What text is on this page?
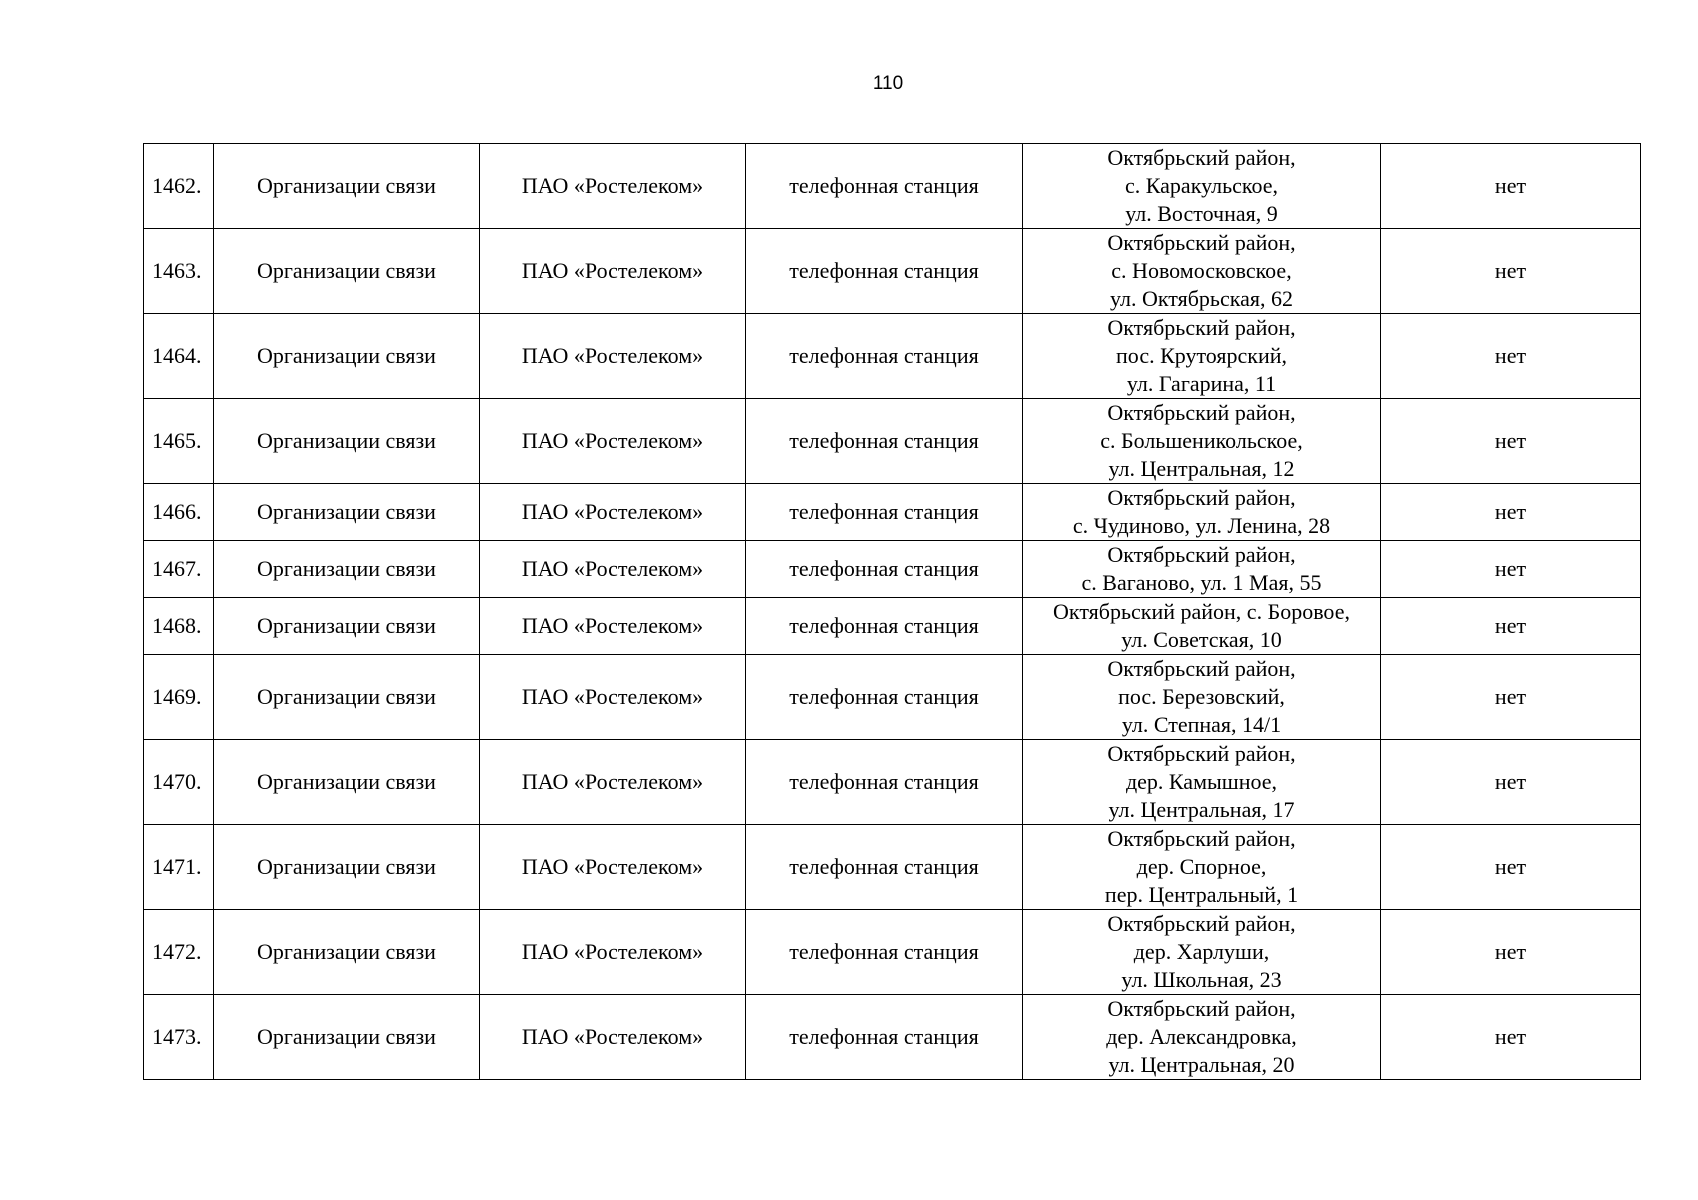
110
1462.	Организации связи	ПАО «Ростелеком»	телефонная станция	Октябрьский район,
с. Каракульское,
ул. Восточная, 9	нет
1463.	Организации связи	ПАО «Ростелеком»	телефонная станция	Октябрьский район,
с. Новомосковское,
ул. Октябрьская, 62	нет
1464.	Организации связи	ПАО «Ростелеком»	телефонная станция	Октябрьский район,
пос. Крутоярский,
ул. Гагарина, 11	нет
1465.	Организации связи	ПАО «Ростелеком»	телефонная станция	Октябрьский район,
с. Большеникольское,
ул. Центральная, 12	нет
1466.	Организации связи	ПАО «Ростелеком»	телефонная станция	Октябрьский район,
с. Чудиново, ул. Ленина, 28	нет
1467.	Организации связи	ПАО «Ростелеком»	телефонная станция	Октябрьский район,
с. Ваганово, ул. 1 Мая, 55	нет
1468.	Организации связи	ПАО «Ростелеком»	телефонная станция	Октябрьский район, с. Боровое,
ул. Советская, 10	нет
1469.	Организации связи	ПАО «Ростелеком»	телефонная станция	Октябрьский район,
пос. Березовский,
ул. Степная, 14/1	нет
1470.	Организации связи	ПАО «Ростелеком»	телефонная станция	Октябрьский район,
дер. Камышное,
ул. Центральная, 17	нет
1471.	Организации связи	ПАО «Ростелеком»	телефонная станция	Октябрьский район,
дер. Спорное,
пер. Центральный, 1	нет
1472.	Организации связи	ПАО «Ростелеком»	телефонная станция	Октябрьский район,
дер. Харлуши,
ул. Школьная, 23	нет
1473.	Организации связи	ПАО «Ростелеком»	телефонная станция	Октябрьский район,
дер. Александровка,
ул. Центральная, 20	нет
